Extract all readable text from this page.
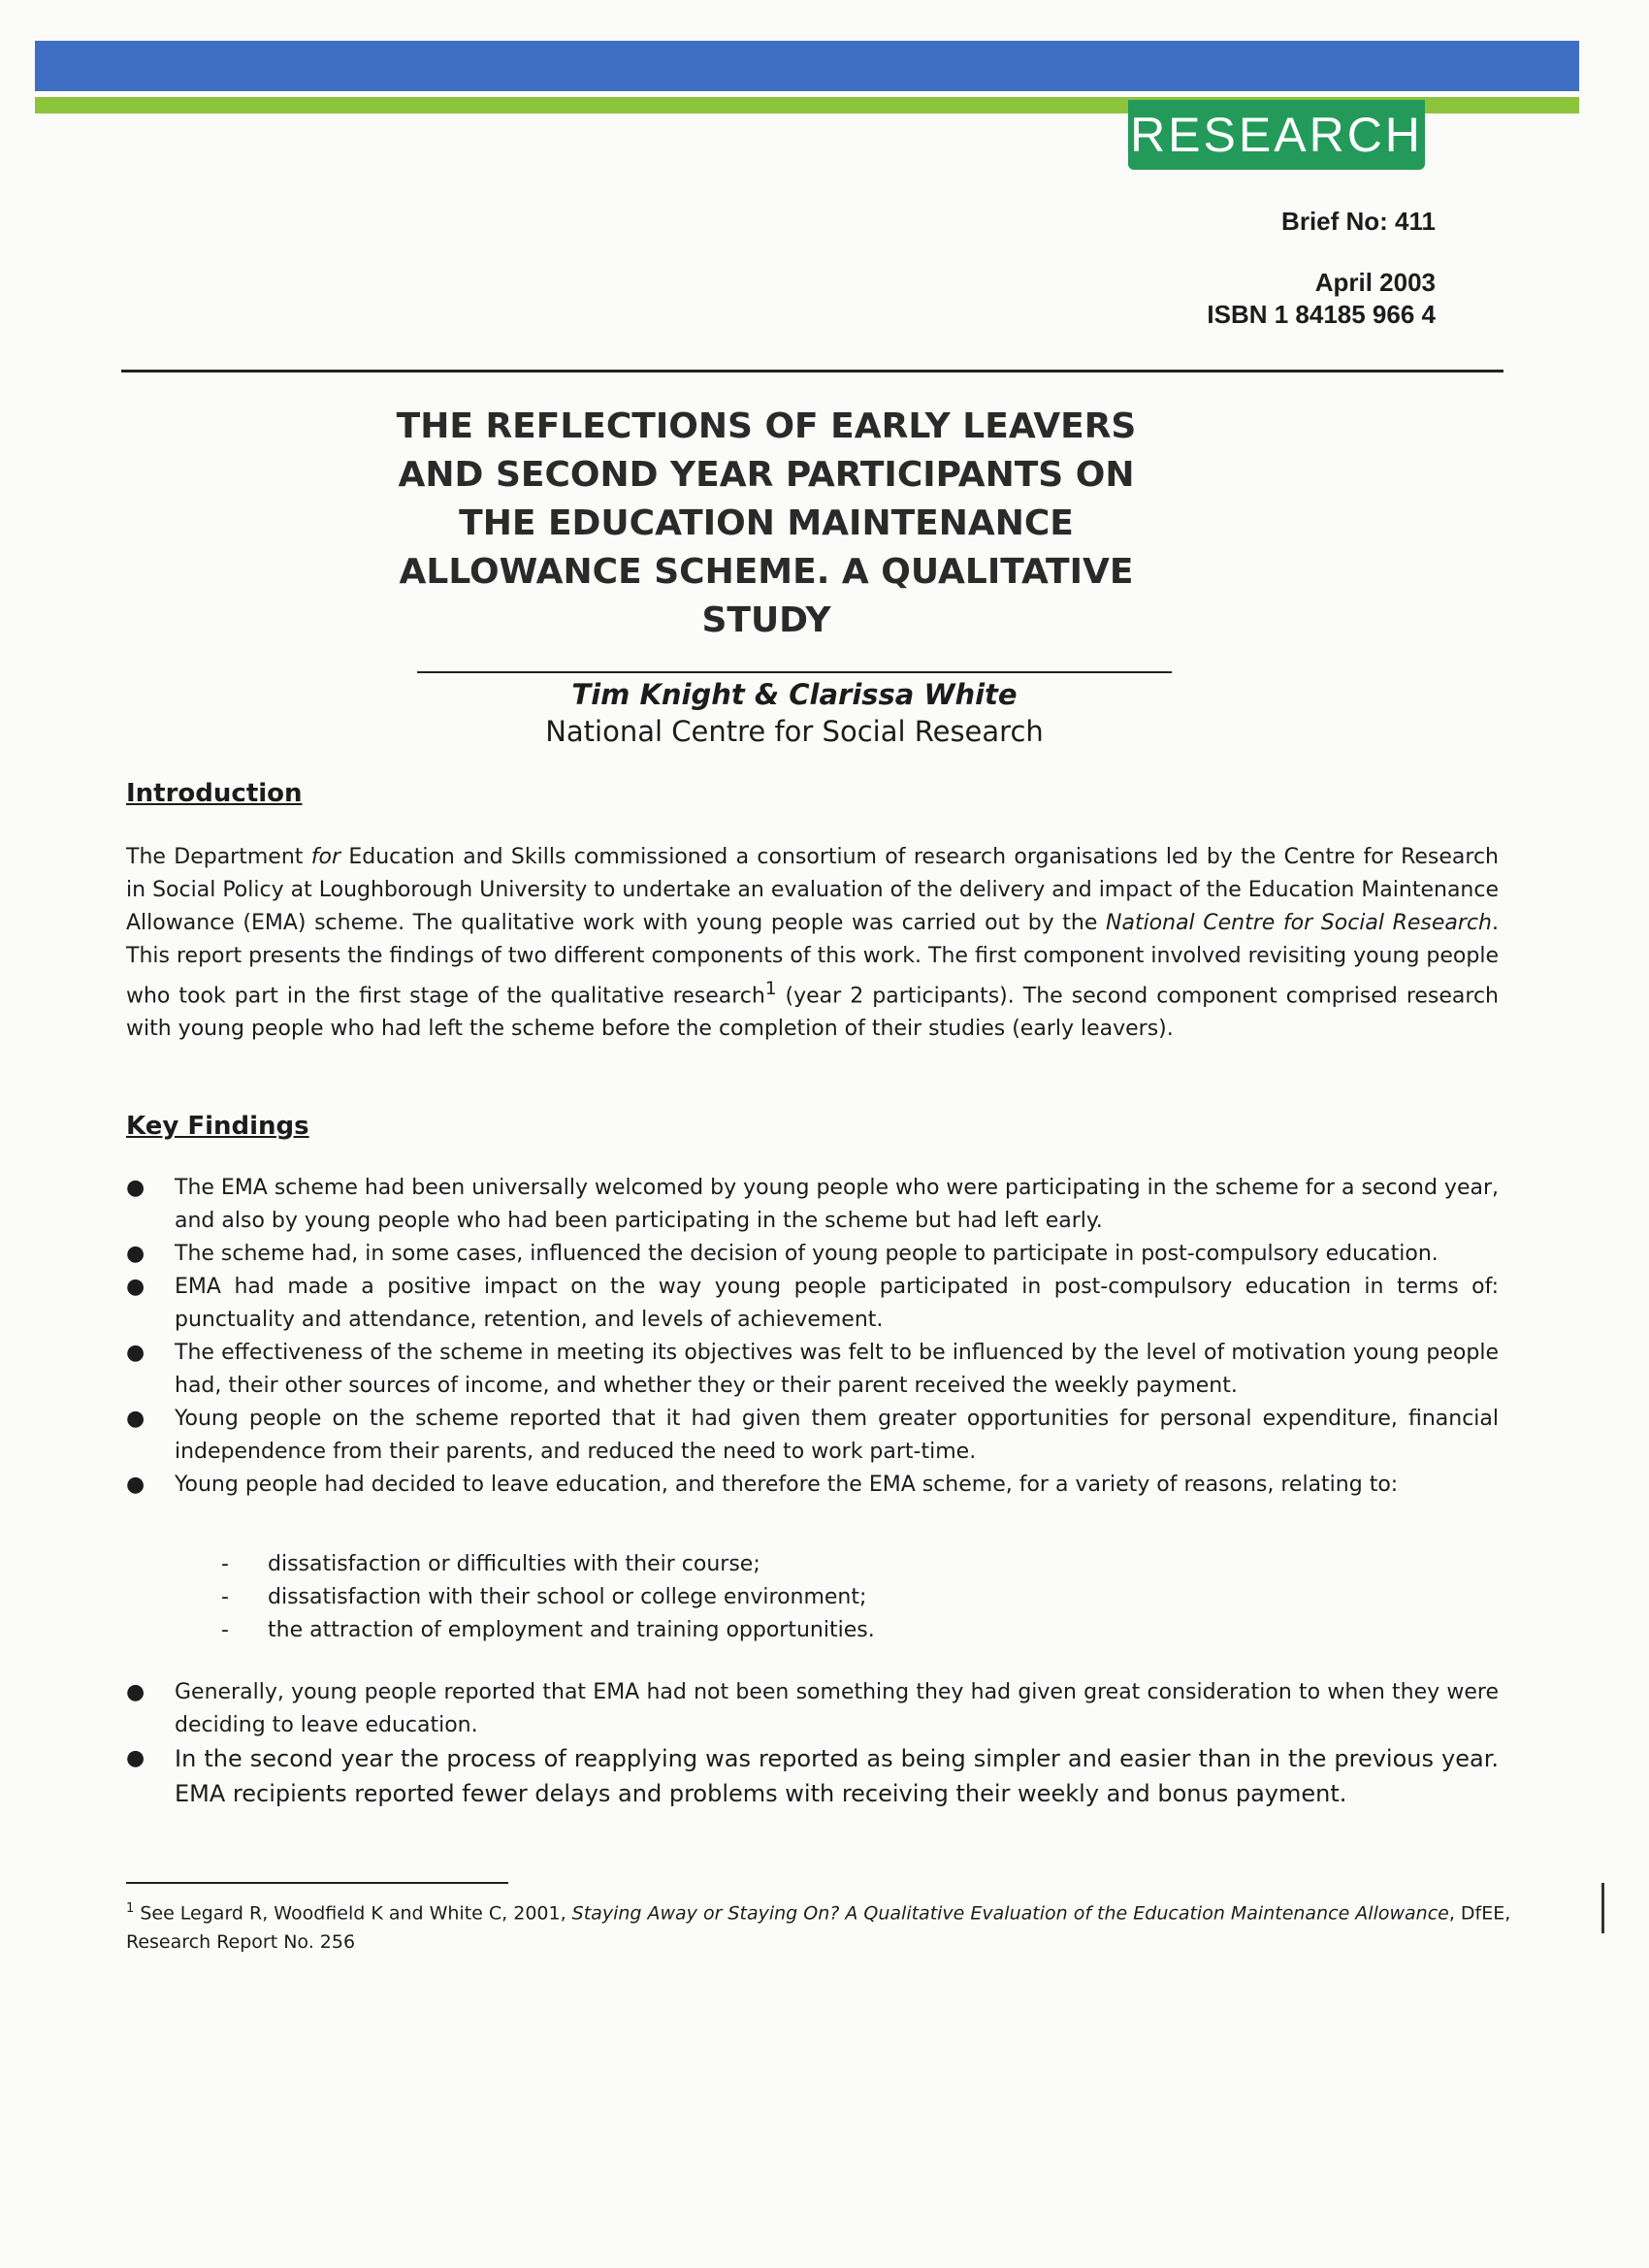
RESEARCH
Brief No: 411
April 2003
ISBN 1 84185 966 4
THE REFLECTIONS OF EARLY LEAVERS
AND SECOND YEAR PARTICIPANTS ON
THE EDUCATION MAINTENANCE
ALLOWANCE SCHEME. A QUALITATIVE
STUDY
Tim Knight & Clarissa White
National Centre for Social Research
Introduction

The Department for Education and Skills commissioned a consortium of research organisations led by the Centre for Research in Social Policy at Loughborough University to undertake an evaluation of the delivery and impact of the Education Maintenance Allowance (EMA) scheme. The qualitative work with young people was carried out by the National Centre for Social Research. This report presents the findings of two different components of this work. The first component involved revisiting young people who took part in the first stage of the qualitative research$^1$ (year 2 participants). The second component comprised research with young people who had left the scheme before the completion of their studies (early leavers).

Key Findings

● The EMA scheme had been universally welcomed by young people who were participating in the scheme for a second year, and also by young people who had been participating in the scheme but had left early.

● The scheme had, in some cases, influenced the decision of young people to participate in post-compulsory education.

● EMA had made a positive impact on the way young people participated in post-compulsory education in terms of: punctuality and attendance, retention, and levels of achievement.

● The effectiveness of the scheme in meeting its objectives was felt to be influenced by the level of motivation young people had, their other sources of income, and whether they or their parent received the weekly payment.

● Young people on the scheme reported that it had given them greater opportunities for personal expenditure, financial independence from their parents, and reduced the need to work part-time.

● Young people had decided to leave education, and therefore the EMA scheme, for a variety of reasons, relating to:

- dissatisfaction or difficulties with their course;
- dissatisfaction with their school or college environment;
- the attraction of employment and training opportunities.

● Generally, young people reported that EMA had not been something they had given great consideration to when they were deciding to leave education.

● In the second year the process of reapplying was reported as being simpler and easier than in the previous year. EMA recipients reported fewer delays and problems with receiving their weekly and bonus payment.

$^1$ See Legard R, Woodfield K and White C, 2001, Staying Away or Staying On? A Qualitative Evaluation of the Education Maintenance Allowance, DfEE, Research Report No. 256
